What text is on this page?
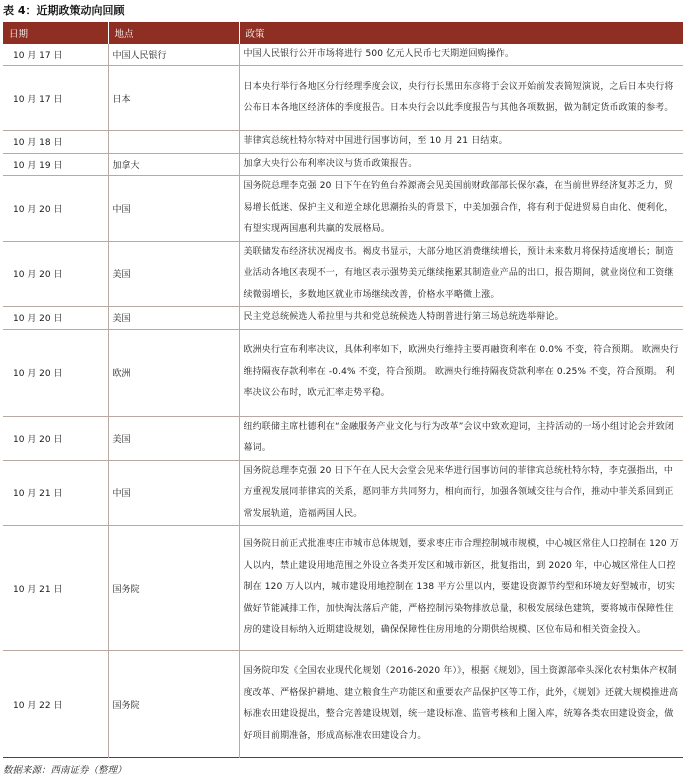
表 4：近期政策动向回顾
日期	地点	政策
10 月 17 日	中国人民银行	中国人民银行公开市场将进行 500 亿元人民币七天期逆回购操作。
10 月 17 日	日本	日本央行举行各地区分行经理季度会议，央行行长黑田东彦将于会议开始前发表简短演说，之后日本央行将公布日本各地区经济体的季度报告。日本央行会以此季度报告与其他各项数据，做为制定货币政策的参考。
10 月 18 日		菲律宾总统杜特尔特对中国进行国事访问，至 10 月 21 日结束。
10 月 19 日	加拿大	加拿大央行公布利率决议与货币政策报告。
10 月 20 日	中国	国务院总理李克强 20 日下午在钓鱼台养源斋会见美国前财政部部长保尔森，在当前世界经济复苏乏力，贸易增长低迷、保护主义和逆全球化思潮抬头的背景下，中美加强合作，将有利于促进贸易自由化、便利化，有望实现两国惠利共赢的发展格局。
10 月 20 日	美国	美联储发布经济状况褐皮书。褐皮书显示，大部分地区消费继续增长，预计未来数月将保持适度增长；制造业活动各地区表现不一，有地区表示强势美元继续拖累其制造业产品的出口，报告期间，就业岗位和工资继续微弱增长，多数地区就业市场继续改善，价格水平略微上涨。
10 月 20 日	美国	民主党总统候选人希拉里与共和党总统候选人特朗普进行第三场总统选举辩论。
10 月 20 日	欧洲	欧洲央行宣布利率决议，具体利率如下，欧洲央行维持主要再融资利率在 0.0% 不变，符合预期。 欧洲央行维持隔夜存款利率在 -0.4% 不变，符合预期。 欧洲央行维持隔夜贷款利率在 0.25% 不变，符合预期。 利率决议公布时，欧元汇率走势平稳。
10 月 20 日	美国	纽约联储主席杜德利在“金融服务产业文化与行为改革”会议中致欢迎词，主持活动的一场小组讨论会并致闭幕词。
10 月 21 日	中国	国务院总理李克强 20 日下午在人民大会堂会见来华进行国事访问的菲律宾总统杜特尔特，李克强指出，中方重视发展同菲律宾的关系，愿同菲方共同努力，相向而行，加强各领域交往与合作，推动中菲关系回到正常发展轨道，造福两国人民。
10 月 21 日	国务院	国务院日前正式批准枣庄市城市总体规划，要求枣庄市合理控制城市规模，中心城区常住人口控制在 120 万人以内，禁止建设用地范围之外设立各类开发区和城市新区，批复指出，到 2020 年，中心城区常住人口控制在 120 万人以内，城市建设用地控制在 138 平方公里以内，要建设资源节约型和环境友好型城市，切实做好节能减排工作，加快淘汰落后产能，严格控制污染物排放总量，积极发展绿色建筑，要将城市保障性住房的建设目标纳入近期建设规划，确保保障性住房用地的分期供给规模、区位布局和相关资金投入。
10 月 22 日	国务院	国务院印发《全国农业现代化规划（2016-2020 年）》，根据《规划》，国土资源部牵头深化农村集体产权制度改革、严格保护耕地、建立粮食生产功能区和重要农产品保护区等工作，此外，《规划》还就大规模推进高标准农田建设提出，整合完善建设规划，统一建设标准、监管考核和上图入库，统筹各类农田建设资金，做好项目前期准备，形成高标准农田建设合力。
数据来源：西南证券（整理）
